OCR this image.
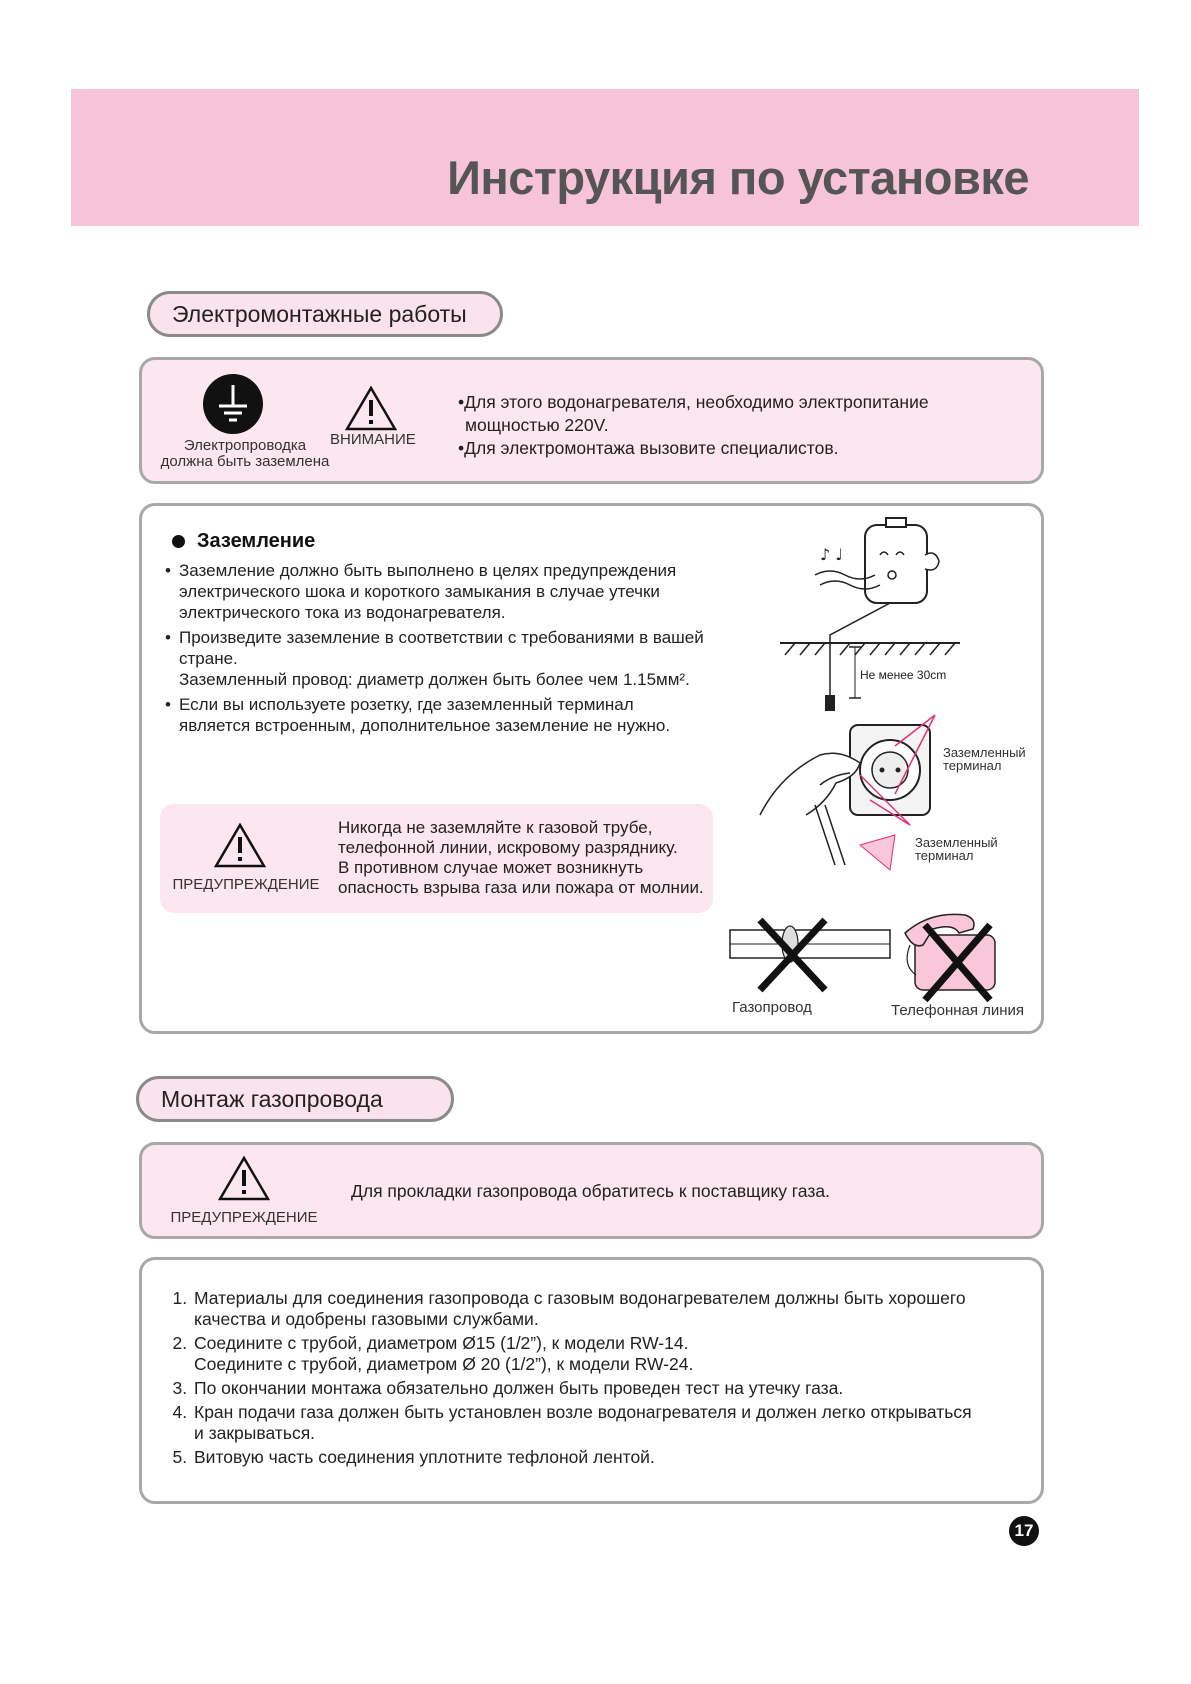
Инструкция по установке
Электромонтажные работы
Электропроводка
должна быть заземлена
ВНИМАНИЕ
•Для этого водонагревателя, необходимо электропитание
мощностью 220V.
•Для электромонтажа вызовите специалистов.
Заземление

• Заземление должно быть выполнено в целях предупреждения электрического шока и короткого замыкания в случае утечки электрического тока из водонагревателя.

• Произведите заземление в соответствии с требованиями в вашей стране.
Заземленный провод: диаметр должен быть более чем 1.15мм².

• Если вы используете розетку, где заземленный терминал является встроенным, дополнительное заземление не нужно.

ПРЕДУПРЕЖДЕНИЕ
Никогда не заземляйте к газовой трубе,
телефонной линии, искровому разряднику.
В противном случае может возникнуть
опасность взрыва газа или пожара от молнии.
♪ ♩
Не менее 30cm
Заземленный
терминал
Заземленный
терминал
Газопровод	Телефонная линия
Монтаж газопровода
ПРЕДУПРЕЖДЕНИЕ
Для прокладки газопровода обратитесь к поставщику газа.
1. Материалы для соединения газопровода с газовым водонагревателем должны быть хорошего
качества и одобрены газовыми службами.
2. Соедините с трубой, диаметром Ø15 (1/2”), к модели RW-14.
Соедините с трубой, диаметром Ø 20 (1/2”), к модели RW-24.
3. По окончании монтажа обязательно должен быть проведен тест на утечку газа.
4. Кран подачи газа должен быть установлен возле водонагревателя и должен легко открываться
и закрываться.
5. Витовую часть соединения уплотните тефлоной лентой.
17
